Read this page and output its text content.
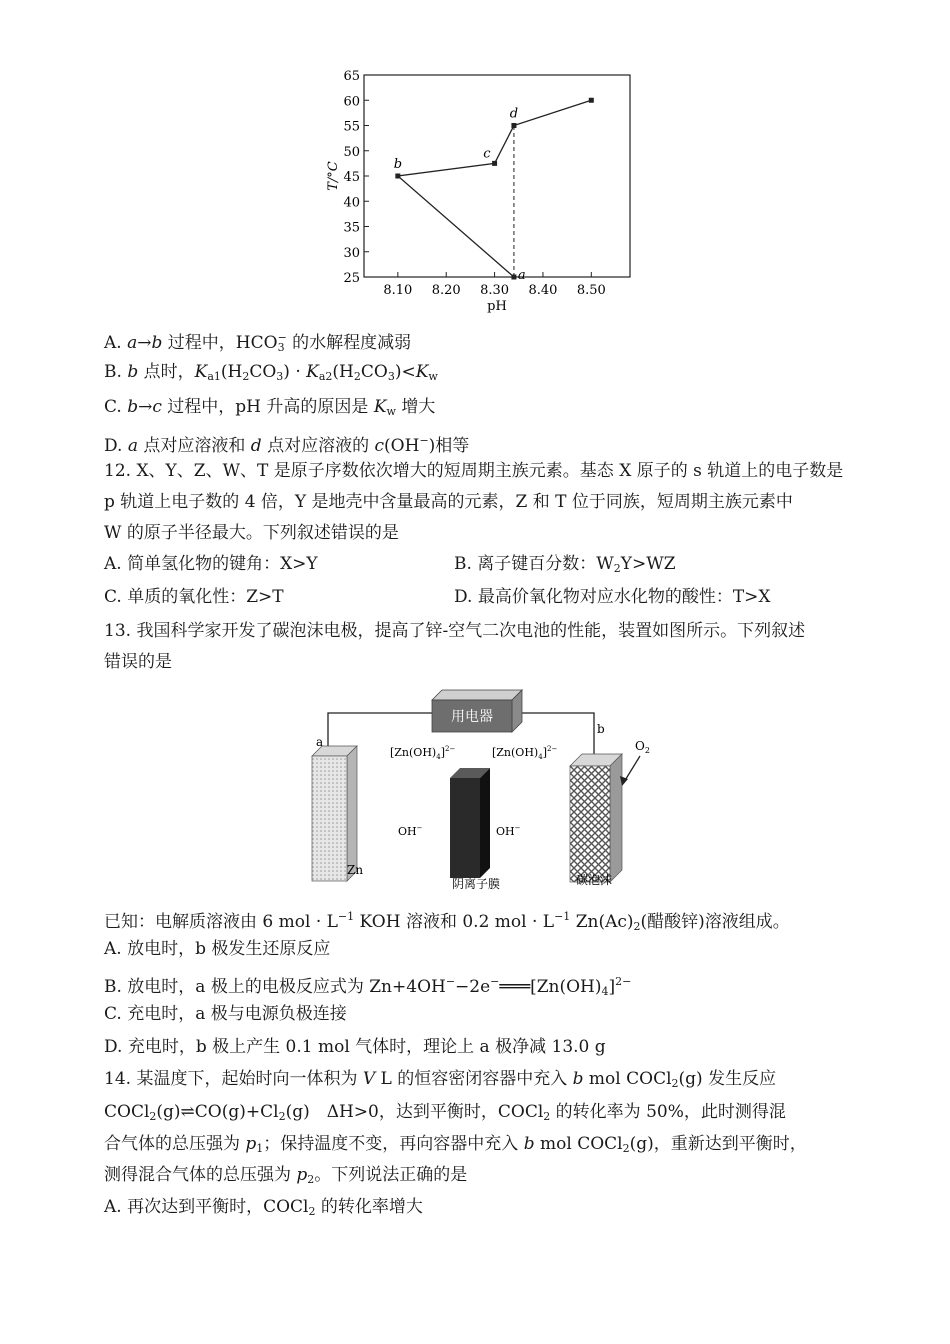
8.10 8.20 8.30 8.40 8.50
25
30
35
40
45
50
55
60
65
a
b
c
d
pH
T/°C
A. a→b 过程中，$HCO_3^-$ 的水解程度减弱
B. b 点时，$K_{a1}(H_2CO_3) \cdot K_{a2}(H_2CO_3)<K_w$
C. b→c 过程中，pH 升高的原因是 $K_w$ 增大
D. a 点对应溶液和 d 点对应溶液的 c(OH−)相等
12. X、Y、Z、W、T 是原子序数依次增大的短周期主族元素。基态 X 原子的 s 轨道上的电子数是
p 轨道上电子数的 4 倍，Y 是地壳中含量最高的元素，Z 和 T 位于同族，短周期主族元素中
W 的原子半径最大。下列叙述错误的是
A. 简单氢化物的键角：X>Y	B. 离子键百分数：$W_2Y>WZ$
C. 单质的氧化性：Z>T	D. 最高价氧化物对应水化物的酸性：T>X
13. 我国科学家开发了碳泡沫电极，提高了锌-空气二次电池的性能，装置如图所示。下列叙述
错误的是
用电器
a
b
Zn
阴离子膜	碳泡沫
$O_2$
$[Zn(OH)_4]^{2-}$	$[Zn(OH)_4]^{2-}$
OH−	OH−
已知：电解质溶液由 6 mol · $L^{-1}$ KOH 溶液和 0.2 mol · $L^{-1}$ $Zn(Ac)_2$(醋酸锌)溶液组成。
A. 放电时，b 极发生还原反应
B. 放电时，a 极上的电极反应式为 $Zn+4OH^--2e^-═══[Zn(OH)_4]^{2-}$
C. 充电时，a 极与电源负极连接
D. 充电时，b 极上产生 0.1 mol 气体时，理论上 a 极净减 13.0 g
14. 某温度下，起始时向一体积为 V L 的恒容密闭容器中充入 b mol COCl$_2$(g) 发生反应
$COCl_2(g)\rightleftharpoons CO(g)+Cl_2(g)$　ΔH>0，达到平衡时，COCl$_2$ 的转化率为 50%，此时测得混
合气体的总压强为 $p_1$；保持温度不变，再向容器中充入 b mol COCl$_2$(g)，重新达到平衡时，
测得混合气体的总压强为 $p_2$。下列说法正确的是
A. 再次达到平衡时，COCl$_2$ 的转化率增大
